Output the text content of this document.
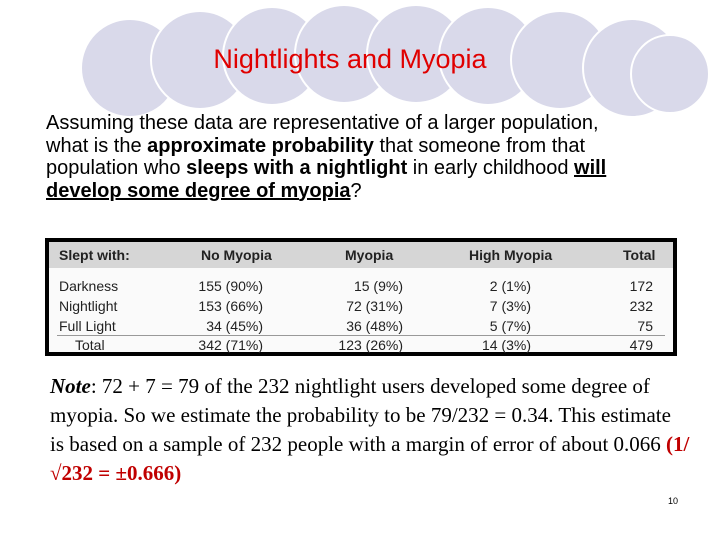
Nightlights and Myopia
Assuming these data are representative of a larger population, what is the approximate probability that someone from that population who sleeps with a nightlight in early childhood will develop some degree of myopia?
Slept with:	No Myopia	Myopia	High Myopia	Total
Darkness	155 (90%)	15 (9%)	2 (1%)	172
Nightlight	153 (66%)	72 (31%)	7 (3%)	232
Full Light	34 (45%)	36 (48%)	5 (7%)	75
Total	342 (71%)	123 (26%)	14 (3%)	479
Note: 72 + 7 = 79 of the 232 nightlight users developed some degree of myopia. So we estimate the probability to be 79/232 = 0.34. This estimate is based on a sample of 232 people with a margin of error of about 0.066 (1/√232 = ±0.666)
10
